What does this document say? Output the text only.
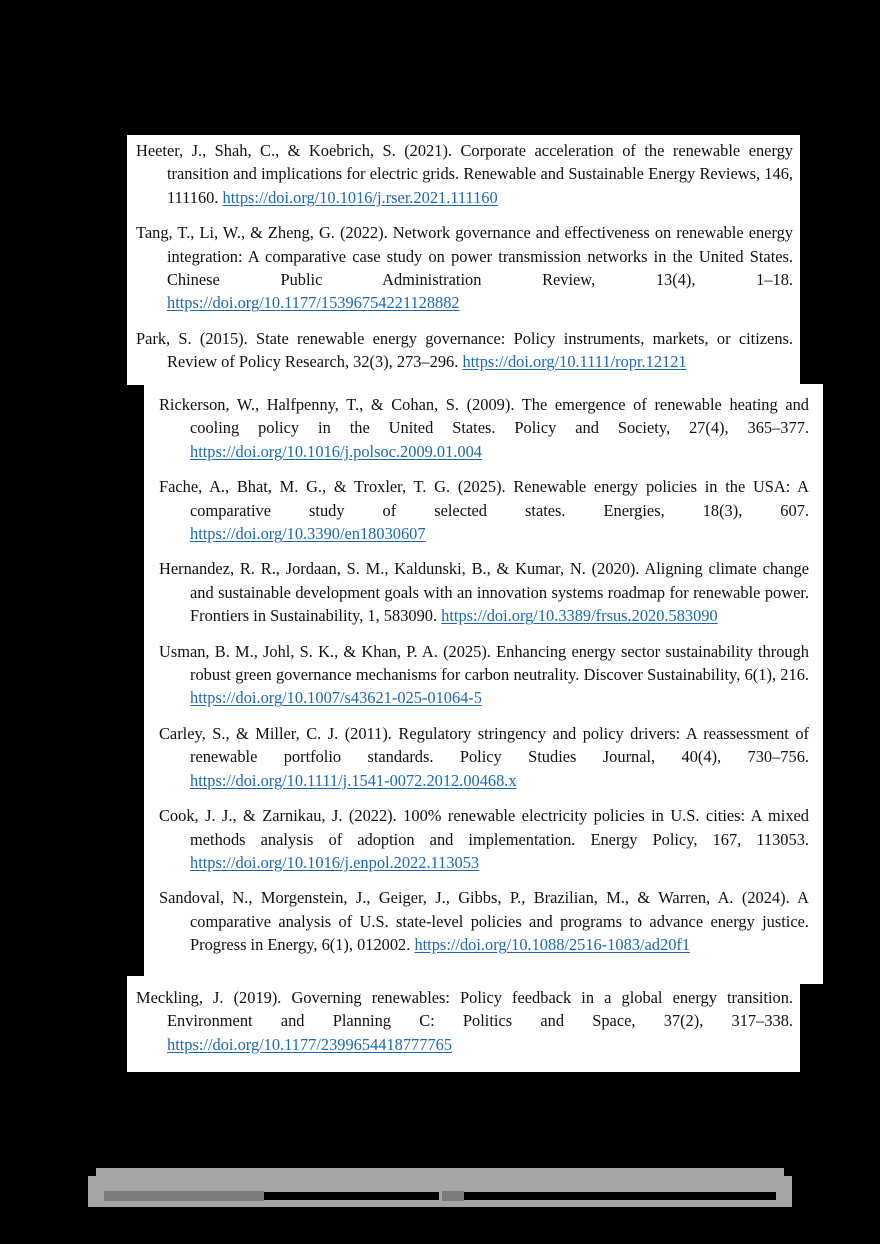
Heeter, J., Shah, C., & Koebrich, S. (2021). Corporate acceleration of the renewable energy transition and implications for electric grids. Renewable and Sustainable Energy Reviews, 146, 111160. https://doi.org/10.1016/j.rser.2021.111160

Tang, T., Li, W., & Zheng, G. (2022). Network governance and effectiveness on renewable energy integration: A comparative case study on power transmission networks in the United States. Chinese Public Administration Review, 13(4), 1–18. https://doi.org/10.1177/15396754221128882

Park, S. (2015). State renewable energy governance: Policy instruments, markets, or citizens. Review of Policy Research, 32(3), 273–296. https://doi.org/10.1111/ropr.12121

Rickerson, W., Halfpenny, T., & Cohan, S. (2009). The emergence of renewable heating and cooling policy in the United States. Policy and Society, 27(4), 365–377. https://doi.org/10.1016/j.polsoc.2009.01.004

Fache, A., Bhat, M. G., & Troxler, T. G. (2025). Renewable energy policies in the USA: A comparative study of selected states. Energies, 18(3), 607. https://doi.org/10.3390/en18030607

Hernandez, R. R., Jordaan, S. M., Kaldunski, B., & Kumar, N. (2020). Aligning climate change and sustainable development goals with an innovation systems roadmap for renewable power. Frontiers in Sustainability, 1, 583090. https://doi.org/10.3389/frsus.2020.583090

Usman, B. M., Johl, S. K., & Khan, P. A. (2025). Enhancing energy sector sustainability through robust green governance mechanisms for carbon neutrality. Discover Sustainability, 6(1), 216. https://doi.org/10.1007/s43621-025-01064-5

Carley, S., & Miller, C. J. (2011). Regulatory stringency and policy drivers: A reassessment of renewable portfolio standards. Policy Studies Journal, 40(4), 730–756. https://doi.org/10.1111/j.1541-0072.2012.00468.x

Cook, J. J., & Zarnikau, J. (2022). 100% renewable electricity policies in U.S. cities: A mixed methods analysis of adoption and implementation. Energy Policy, 167, 113053. https://doi.org/10.1016/j.enpol.2022.113053

Sandoval, N., Morgenstein, J., Geiger, J., Gibbs, P., Brazilian, M., & Warren, A. (2024). A comparative analysis of U.S. state-level policies and programs to advance energy justice. Progress in Energy, 6(1), 012002. https://doi.org/10.1088/2516-1083/ad20f1

Meckling, J. (2019). Governing renewables: Policy feedback in a global energy transition. Environment and Planning C: Politics and Space, 37(2), 317–338. https://doi.org/10.1177/2399654418777765
